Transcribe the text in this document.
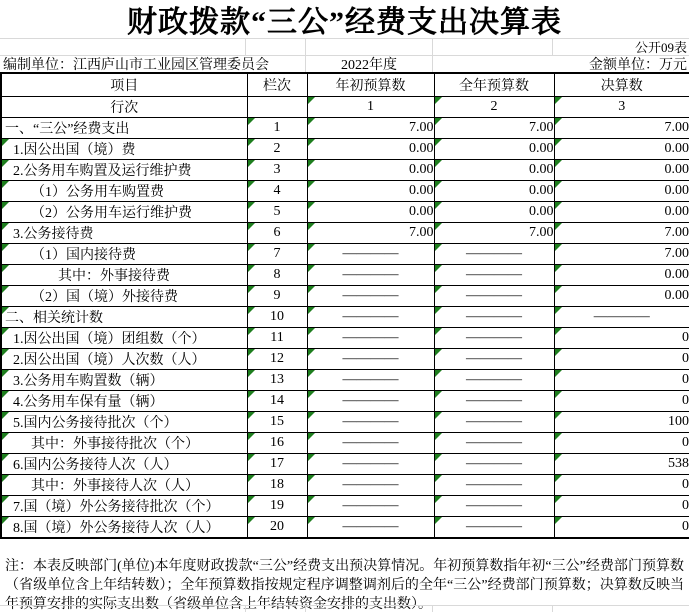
财政拨款“三公”经费支出决算表
公开09表
编制单位：江西庐山市工业园区管理委员会	2022年度	金额单位：万元
项目	栏次	年初预算数	全年预算数	决算数
行次		1	2	3
一、“三公”经费支出	1	7.00	7.00	7.00

1.因公出国（境）费	2	0.00	0.00	0.00

2.公务用车购置及运行维护费	3	0.00	0.00	0.00

（1）公务用车购置费	4	0.00	0.00	0.00

（2）公务用车运行维护费	5	0.00	0.00	0.00

3.公务接待费	6	7.00	7.00	7.00

（1）国内接待费	7	————	————	7.00

其中：外事接待费	8	————	————	0.00

（2）国（境）外接待费	9	————	————	0.00

二、相关统计数	10	————	————	————

1.因公出国（境）团组数（个）	11	————	————	0

2.因公出国（境）人次数（人）	12	————	————	0

3.公务用车购置数（辆）	13	————	————	0

4.公务用车保有量（辆）	14	————	————	0

5.国内公务接待批次（个）	15	————	————	100

其中：外事接待批次（个）	16	————	————	0

6.国内公务接待人次（人）	17	————	————	538

其中：外事接待人次（人）	18	————	————	0

7.国（境）外公务接待批次（个）	19	————	————	0

8.国（境）外公务接待人次（人）	20	————	————	0
注：本表反映部门(单位)本年度财政拨款“三公”经费支出预决算情况。年初预算数指年初“三公”经费部门预算数（省级单位含上年结转数）；全年预算数指按规定程序调整调剂后的全年“三公”经费部门预算数；决算数反映当年预算安排的实际支出数（省级单位含上年结转资金安排的支出数）。
